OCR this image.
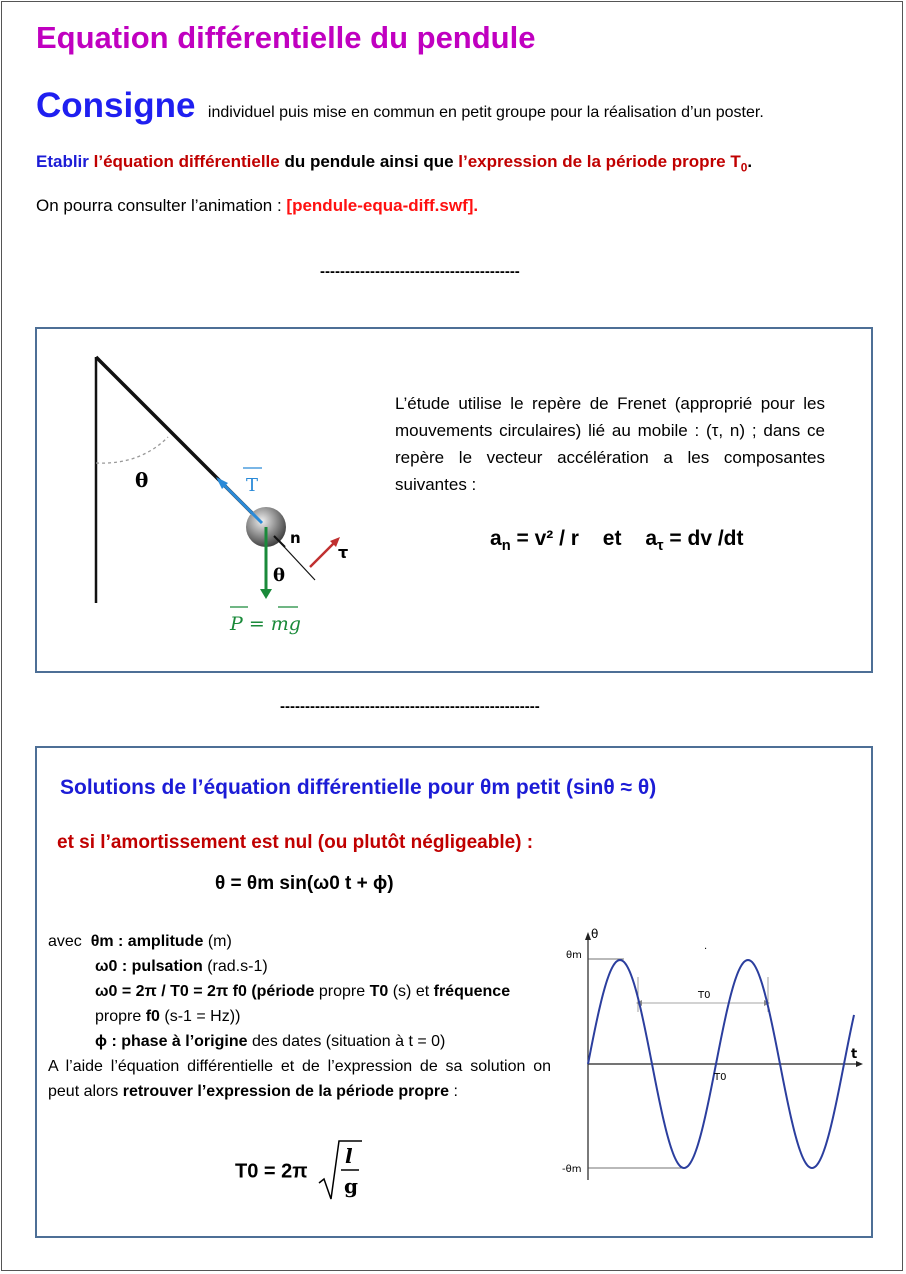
Equation différentielle du pendule
Consigne individuel puis mise en commun en petit groupe pour la réalisation d’un poster.
Etablir l’équation différentielle du pendule ainsi que l’expression de la période propre $T_0$.
On pourra consulter l’animation : [pendule-equa-diff.swf].
----------------------------------------
θ
θ
T
n
τ
P = mg
L’étude utilise le repère de Frenet (approprié pour les mouvements circulaires) lié au mobile : (τ, n) ; dans ce repère le vecteur accélération a les composantes suivantes :
$a_n = v^2 / r$ et $a_\tau$ = dv /dt
----------------------------------------------------
Solutions de l’équation différentielle pour θm petit (sinθ ≈ θ)
et si l’amortissement est nul (ou plutôt négligeable) :
θ = θm sin(ω0 t + ϕ)
avec θm : amplitude (m)
ω0 : pulsation (rad.s-1)
ω0 = 2π / T0 = 2π f0 (période propre T0 (s) et fréquence
propre f0 (s-1 = Hz))
ϕ : phase à l’origine des dates (situation à t = 0)
A l’aide l’équation différentielle et de l’expression de sa solution on peut alors retrouver l’expression de la période propre :
T0 = 2π
l
g
θ
t
θm
-θm
T0
T0
·
